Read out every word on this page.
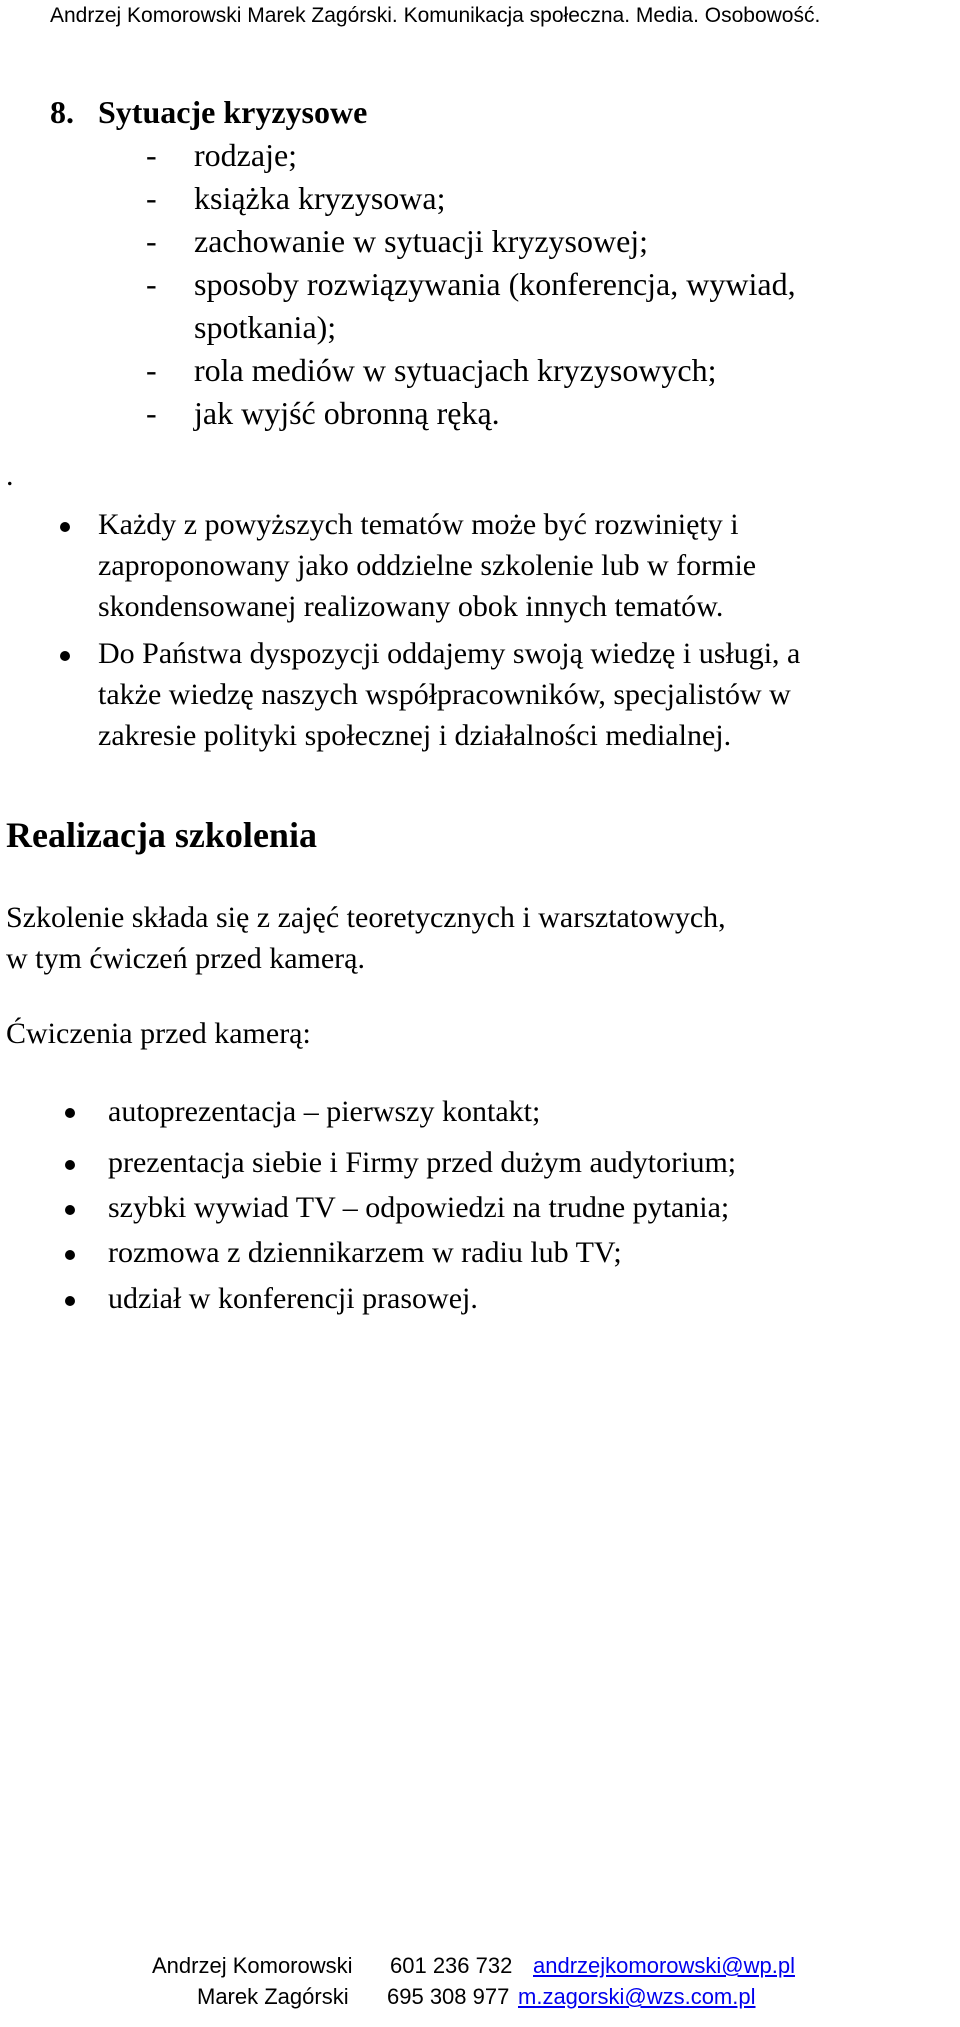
Andrzej Komorowski Marek Zagórski. Komunikacja społeczna. Media. Osobowość.
8. Sytuacje kryzysowe
- rodzaje;
- książka kryzysowa;
- zachowanie w sytuacji kryzysowej;
- sposoby rozwiązywania (konferencja, wywiad,
spotkania);
- rola mediów w sytuacjach kryzysowych;
- jak wyjść obronną ręką.
.
Każdy z powyższych tematów może być rozwinięty i
zaproponowany jako oddzielne szkolenie lub w formie
skondensowanej realizowany obok innych tematów.
Do Państwa dyspozycji oddajemy swoją wiedzę i usługi, a
także wiedzę naszych współpracowników, specjalistów w
zakresie polityki społecznej i działalności medialnej.
Realizacja szkolenia
Szkolenie składa się z zajęć teoretycznych i warsztatowych,
w tym ćwiczeń przed kamerą.
Ćwiczenia przed kamerą:
autoprezentacja – pierwszy kontakt;
prezentacja siebie i Firmy przed dużym audytorium;
szybki wywiad TV – odpowiedzi na trudne pytania;
rozmowa z dziennikarzem w radiu lub TV;
udział w konferencji prasowej.
Andrzej Komorowski 601 236 732 andrzejkomorowski@wp.pl
Marek Zagórski 695 308 977 m.zagorski@wzs.com.pl
